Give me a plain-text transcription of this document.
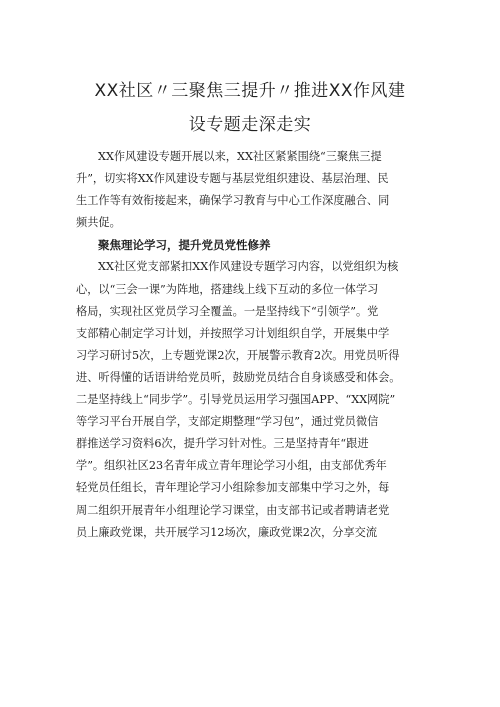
XX社区〃三聚焦三提升〃推进XX作风建
设专题走深走实
XX作风建设专题开展以来，XX社区紧紧围绕“三聚焦三提
升”，切实将XX作风建设专题与基层党组织建设、基层治理、民
生工作等有效衔接起来，确保学习教育与中心工作深度融合、同
频共促。
聚焦理论学习，提升党员党性修养
XX社区党支部紧扣XX作风建设专题学习内容，以党组织为核
心，以“三会一课”为阵地，搭建线上线下互动的多位一体学习
格局，实现社区党员学习全覆盖。一是坚持线下“引领学”。党
支部精心制定学习计划，并按照学习计划组织自学，开展集中学
习学习研讨5次，上专题党课2次，开展警示教育2次。用党员听得
进、听得懂的话语讲给党员听，鼓励党员结合自身谈感受和体会。
二是坚持线上“同步学”。引导党员运用学习强国APP、“XX网院”
等学习平台开展自学，支部定期整理“学习包”，通过党员微信
群推送学习资料6次，提升学习针对性。三是坚持青年“跟进
学”。组织社区23名青年成立青年理论学习小组，由支部优秀年
轻党员任组长，青年理论学习小组除参加支部集中学习之外，每
周二组织开展青年小组理论学习课堂，由支部书记或者聘请老党
员上廉政党课，共开展学习12场次，廉政党课2次，分享交流
